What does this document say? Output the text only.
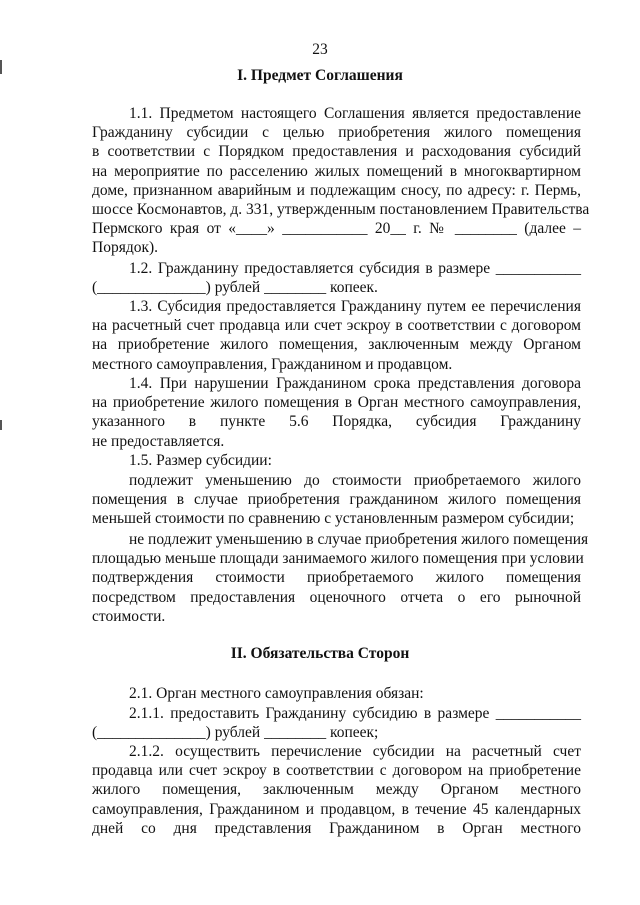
23
I. Предмет Соглашения
1.1. Предметом настоящего Соглашения является предоставление
Гражданину субсидии с целью приобретения жилого помещения
в соответствии с Порядком предоставления и расходования субсидий
на мероприятие по расселению жилых помещений в многоквартирном
доме, признанном аварийным и подлежащим сносу, по адресу: г. Пермь,
шоссе Космонавтов, д. 331, утвержденным постановлением Правительства
Пермского края от «____» ___________ 20__ г. № ________ (далее –
Порядок).
1.2. Гражданину предоставляется субсидия в размере ___________
(______________) рублей ________ копеек.
1.3. Субсидия предоставляется Гражданину путем ее перечисления
на расчетный счет продавца или счет эскроу в соответствии с договором
на приобретение жилого помещения, заключенным между Органом
местного самоуправления, Гражданином и продавцом.
1.4. При нарушении Гражданином срока представления договора
на приобретение жилого помещения в Орган местного самоуправления,
указанного в пункте 5.6 Порядка, субсидия Гражданину
не предоставляется.
1.5. Размер субсидии:
подлежит уменьшению до стоимости приобретаемого жилого
помещения в случае приобретения гражданином жилого помещения
меньшей стоимости по сравнению с установленным размером субсидии;
не подлежит уменьшению в случае приобретения жилого помещения
площадью меньше площади занимаемого жилого помещения при условии
подтверждения стоимости приобретаемого жилого помещения
посредством предоставления оценочного отчета о его рыночной
стоимости.
II. Обязательства Сторон
2.1. Орган местного самоуправления обязан:
2.1.1. предоставить Гражданину субсидию в размере ___________
(______________) рублей ________ копеек;
2.1.2. осуществить перечисление субсидии на расчетный счет
продавца или счет эскроу в соответствии с договором на приобретение
жилого помещения, заключенным между Органом местного
самоуправления, Гражданином и продавцом, в течение 45 календарных
дней со дня представления Гражданином в Орган местного
